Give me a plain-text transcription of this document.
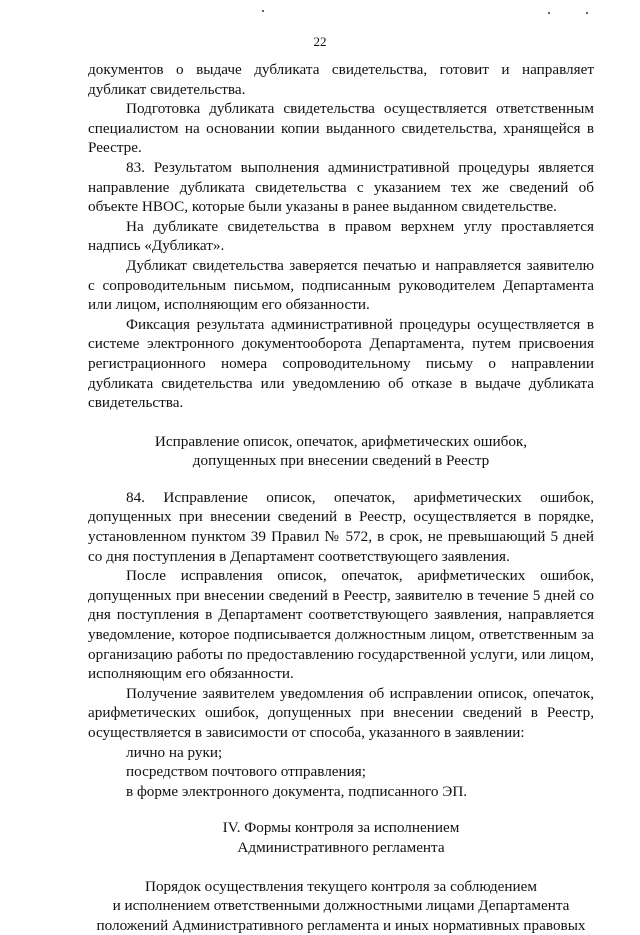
22

документов о выдаче дубликата свидетельства, готовит и направляет дубликат свидетельства.

Подготовка дубликата свидетельства осуществляется ответственным специалистом на основании копии выданного свидетельства, хранящейся в Реестре.

83. Результатом выполнения административной процедуры является направление дубликата свидетельства с указанием тех же сведений об объекте НВОС, которые были указаны в ранее выданном свидетельстве.

На дубликате свидетельства в правом верхнем углу проставляется надпись «Дубликат».

Дубликат свидетельства заверяется печатью и направляется заявителю с сопроводительным письмом, подписанным руководителем Департамента или лицом, исполняющим его обязанности.

Фиксация результата административной процедуры осуществляется в системе электронного документооборота Департамента, путем присвоения регистрационного номера сопроводительному письму о направлении дубликата свидетельства или уведомлению об отказе в выдаче дубликата свидетельства.

Исправление описок, опечаток, арифметических ошибок,

допущенных при внесении сведений в Реестр

84. Исправление описок, опечаток, арифметических ошибок, допущенных при внесении сведений в Реестр, осуществляется в порядке, установленном пунктом 39 Правил № 572, в срок, не превышающий 5 дней со дня поступления в Департамент соответствующего заявления.

После исправления описок, опечаток, арифметических ошибок, допущенных при внесении сведений в Реестр, заявителю в течение 5 дней со дня поступления в Департамент соответствующего заявления, направляется уведомление, которое подписывается должностным лицом, ответственным за организацию работы по предоставлению государственной услуги, или лицом, исполняющим его обязанности.

Получение заявителем уведомления об исправлении описок, опечаток, арифметических ошибок, допущенных при внесении сведений в Реестр, осуществляется в зависимости от способа, указанного в заявлении:

лично на руки;

посредством почтового отправления;

в форме электронного документа, подписанного ЭП.

IV. Формы контроля за исполнением

Административного регламента

Порядок осуществления текущего контроля за соблюдением

и исполнением ответственными должностными лицами Департамента

положений Административного регламента и иных нормативных правовых
